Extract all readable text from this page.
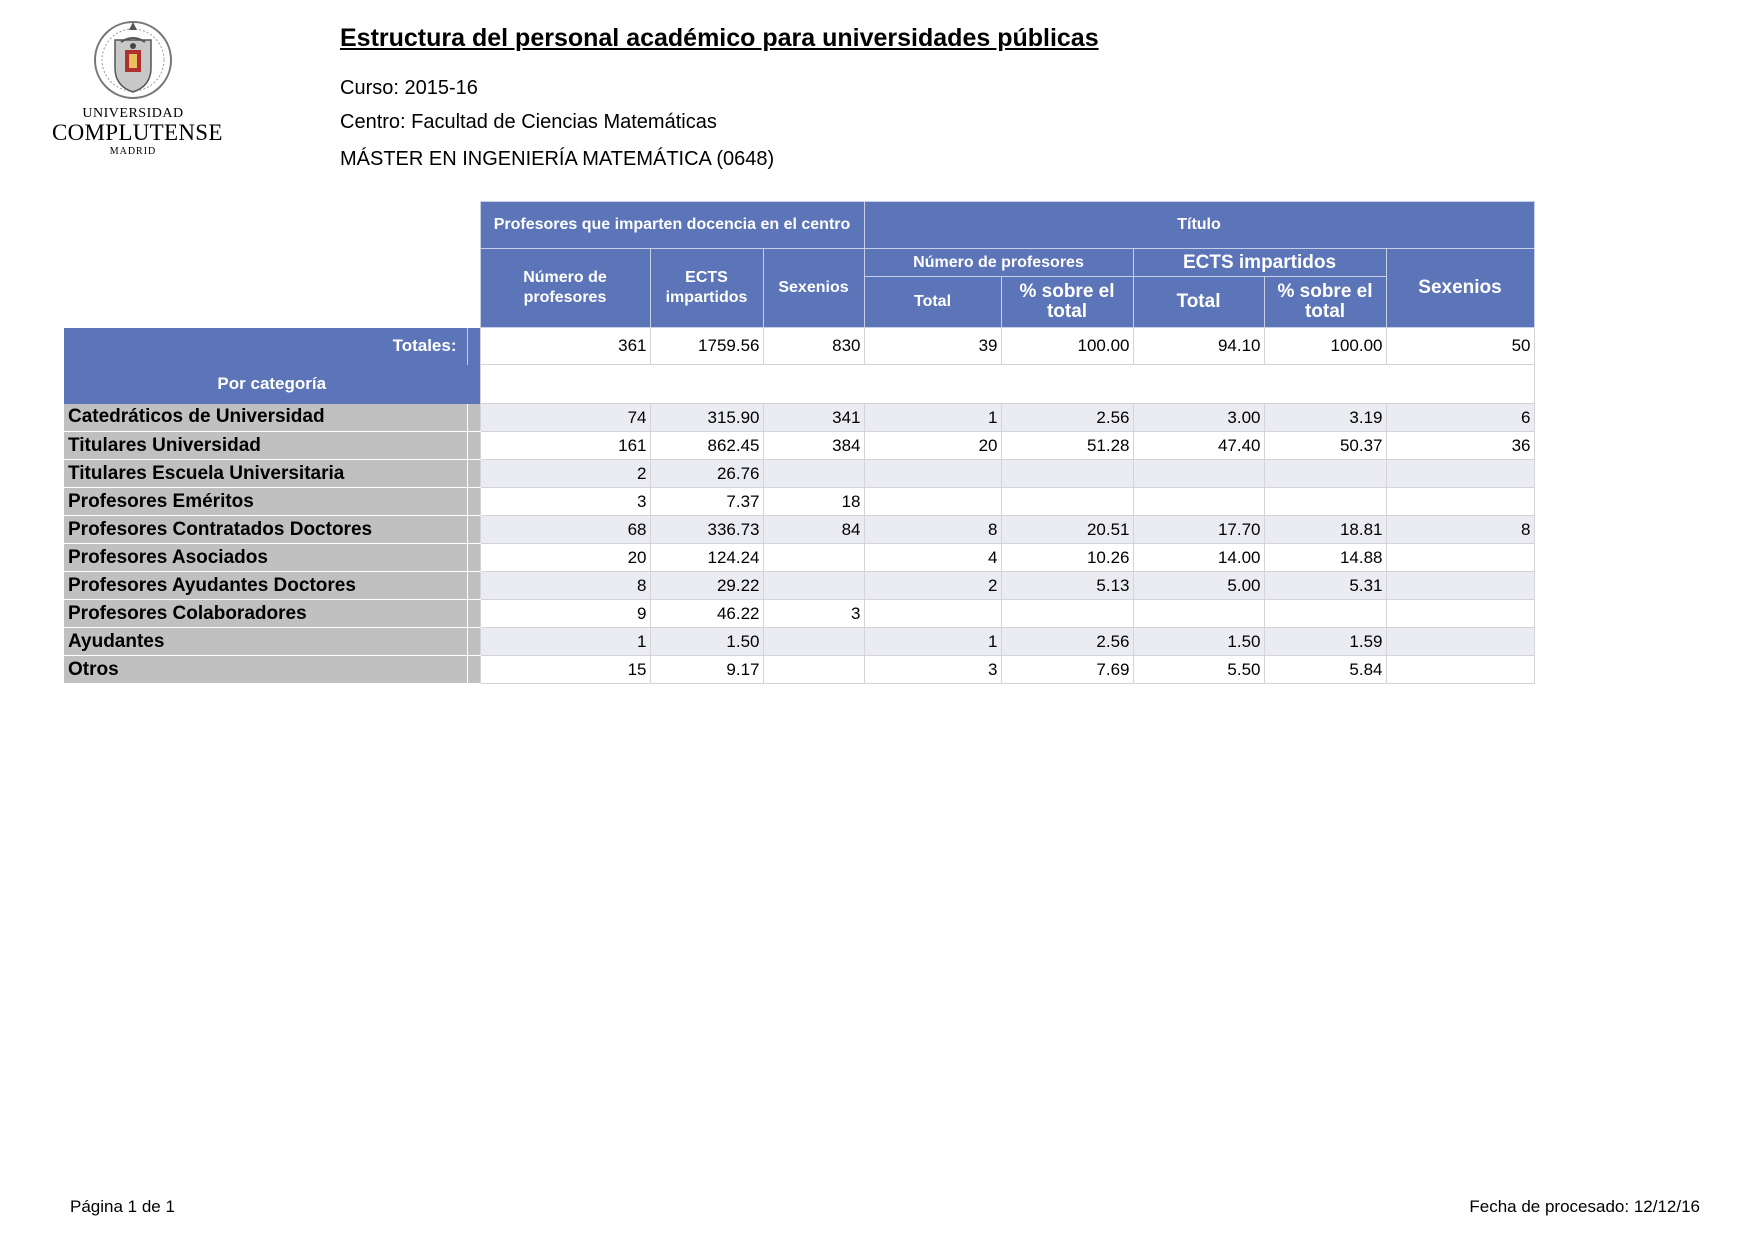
UNIVERSIDAD
COMPLUTENSE
MADRID
Estructura del personal académico para universidades públicas
Curso: 2015-16
Centro: Facultad de Ciencias Matemáticas
MÁSTER EN INGENIERÍA MATEMÁTICA (0648)
		Profesores que imparten docencia en el centro			Título				
		Número de profesores	ECTS impartidos	Sexenios	Número de profesores		ECTS impartidos		Sexenios
					Total	% sobre el total	Total	% sobre el total	
Totales:		361	1759.56	830	39	100.00	94.10	100.00	50
Por categoría									
Catedráticos de Universidad		74	315.90	341	1	2.56	3.00	3.19	6
Titulares Universidad		161	862.45	384	20	51.28	47.40	50.37	36
Titulares Escuela Universitaria		2	26.76						
Profesores Eméritos		3	7.37	18					
Profesores Contratados Doctores		68	336.73	84	8	20.51	17.70	18.81	8
Profesores Asociados		20	124.24		4	10.26	14.00	14.88	
Profesores Ayudantes Doctores		8	29.22		2	5.13	5.00	5.31	
Profesores Colaboradores		9	46.22	3					
Ayudantes		1	1.50		1	2.56	1.50	1.59	
Otros		15	9.17		3	7.69	5.50	5.84	
Página 1 de 1	Fecha de procesado: 12/12/16
